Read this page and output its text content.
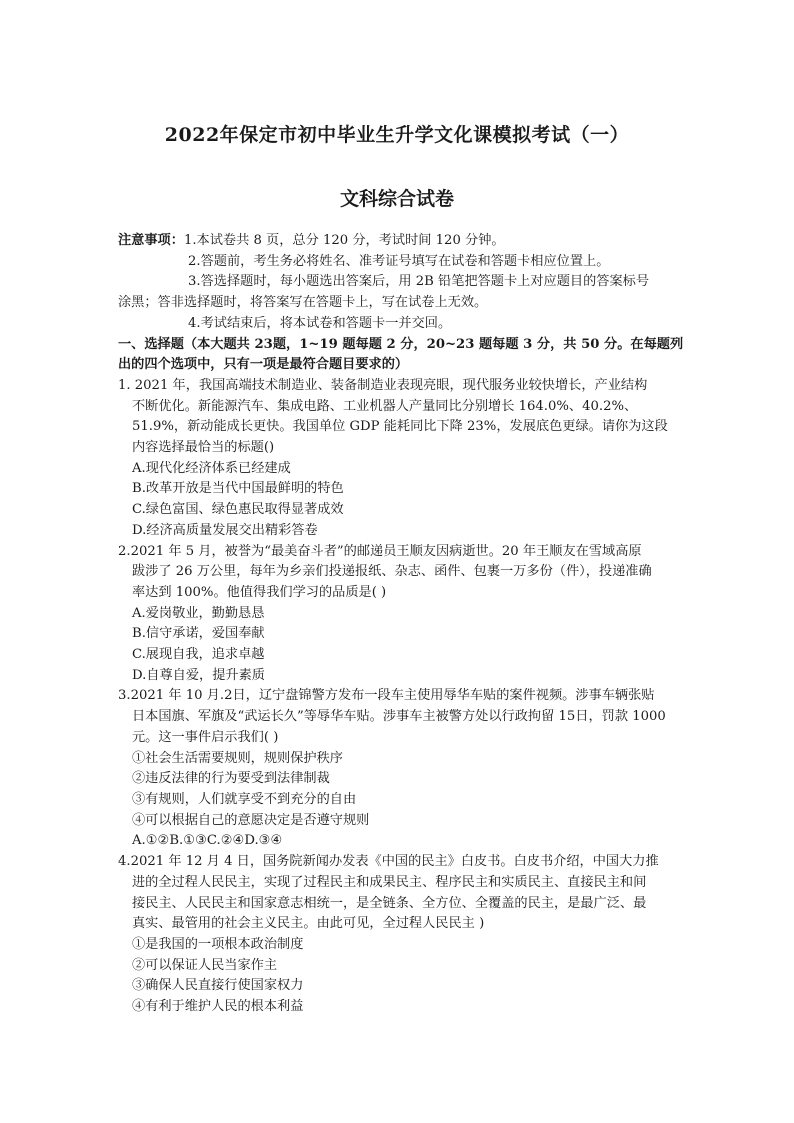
2022年保定市初中毕业生升学文化课模拟考试（一）
文科综合试卷
注意事项：1.本试卷共 8 页，总分 120 分，考试时间 120 分钟。
2.答题前，考生务必将姓名、准考证号填写在试卷和答题卡相应位置上。
3.答选择题时，每小题选出答案后，用 2B 铅笔把答题卡上对应题目的答案标号
涂黑；答非选择题时，将答案写在答题卡上，写在试卷上无效。
4.考试结束后，将本试卷和答题卡一并交回。
一、选择题（本大题共 23题，1~19 题每题 2 分，20~23 题每题 3 分，共 50 分。在每题列
出的四个选项中，只有一项是最符合题目要求的）
1. 2021 年，我国高端技术制造业、装备制造业表现亮眼，现代服务业较快增长，产业结构
不断优化。新能源汽车、集成电路、工业机器人产量同比分别增长 164.0%、40.2%、
51.9%，新动能成长更快。我国单位 GDP 能耗同比下降 23%，发展底色更绿。请你为这段
内容选择最恰当的标题()
A.现代化经济体系已经建成
B.改革开放是当代中国最鲜明的特色
C.绿色富国、绿色惠民取得显著成效
D.经济高质量发展交出精彩答卷
2.2021 年 5 月，被誉为“最美奋斗者”的邮递员王顺友因病逝世。20 年王顺友在雪域高原
跋涉了 26 万公里，每年为乡亲们投递报纸、杂志、函件、包裹一万多份（件），投递准确
率达到 100%。他值得我们学习的品质是( )
A.爱岗敬业，勤勤恳恳
B.信守承诺，爱国奉献
C.展现自我，追求卓越
D.自尊自爱，提升素质
3.2021 年 10 月.2日，辽宁盘锦警方发布一段车主使用辱华车贴的案件视频。涉事车辆张贴
日本国旗、军旗及“武运长久”等辱华车贴。涉事车主被警方处以行政拘留 15日，罚款 1000
元。这一事件启示我们( )
①社会生活需要规则，规则保护秩序
②违反法律的行为要受到法律制裁
③有规则，人们就享受不到充分的自由
④可以根据自己的意愿决定是否遵守规则
A.①②B.①③C.②④D.③④
4.2021 年 12 月 4 日，国务院新闻办发表《中国的民主》白皮书。白皮书介绍，中国大力推
进的全过程人民民主，实现了过程民主和成果民主、程序民主和实质民主、直接民主和间
接民主、人民民主和国家意志相统一，是全链条、全方位、全覆盖的民主，是最广泛、最
真实、最管用的社会主义民主。由此可见，全过程人民民主 )
①是我国的一项根本政治制度
②可以保证人民当家作主
③确保人民直接行使国家权力
④有利于维护人民的根本利益
